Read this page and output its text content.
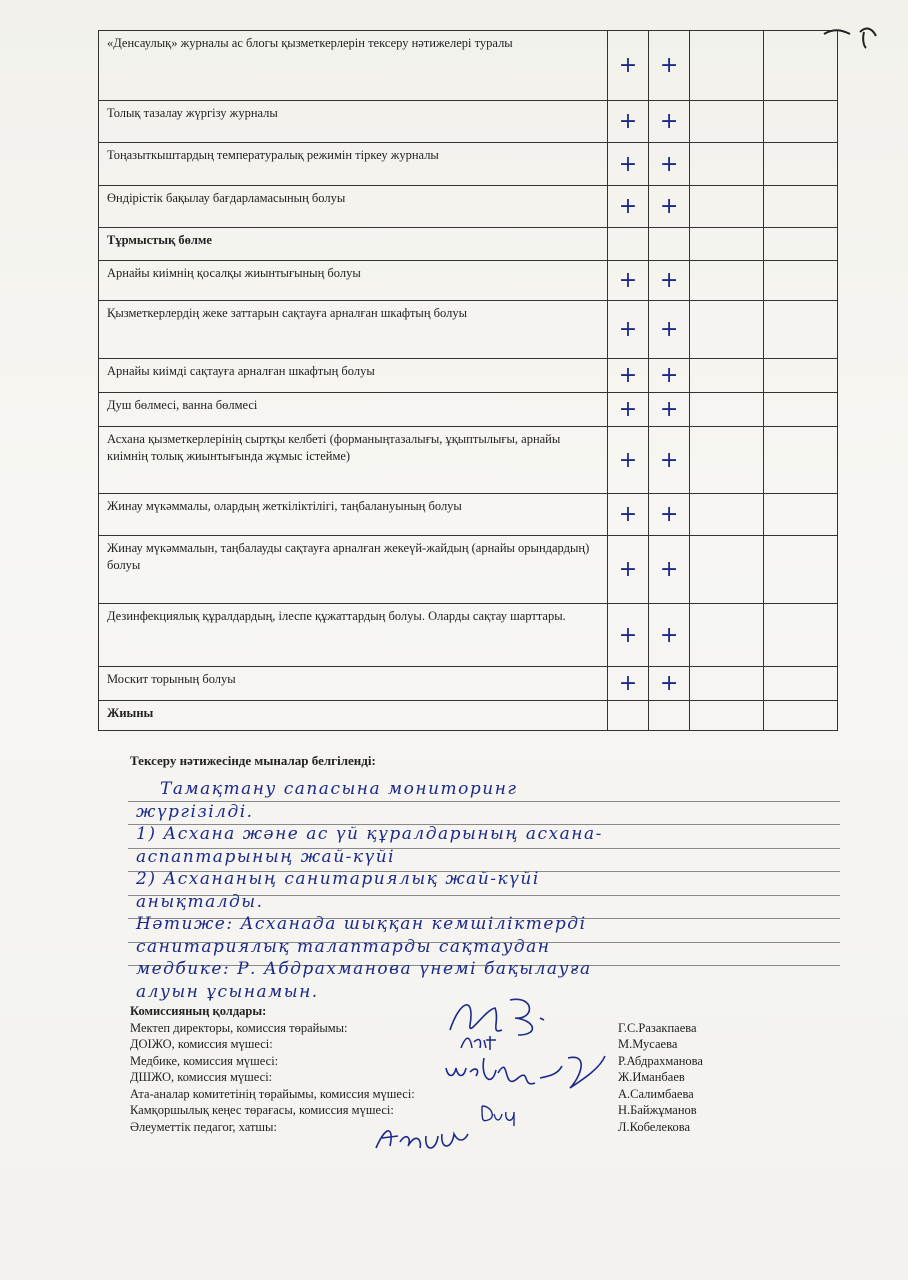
«Денсаулық» журналы ас блогы қызметкерлерін тексеру нәтижелері туралы	+	+		
Толық тазалау жүргізу журналы	+	+		
Тоңазыткыштардың температуралық режимін тіркеу журналы	+	+		
Өндірістік бақылау бағдарламасының болуы	+	+		
Тұрмыстық бөлме				
Арнайы киімнің қосалқы жиынтығының болуы	+	+		
Қызметкерлердің жеке заттарын сақтауға арналған шкафтың болуы	+	+		
Арнайы киімді сақтауға арналған шкафтың болуы	+	+		
Душ бөлмесі, ванна бөлмесі	+	+		
Асхана қызметкерлерінің сыртқы келбеті (форманыңтазалығы, ұқыптылығы, арнайы киімнің толық жиынтығында жұмыс істейме)	+	+		
Жинау мүкәммалы, олардың жеткіліктілігі, таңбалануының болуы	+	+		
Жинау мүкәммалын, таңбалауды сақтауға арналған жекеүй-жайдың (арнайы орындардың) болуы	+	+		
Дезинфекциялық құралдардың, ілеспе құжаттардың болуы. Оларды сақтау шарттары.	+	+		
Москит торының болуы	+	+		
Жиыны				
Тексеру нәтижесінде мыналар белгіленді:
Тамақтану сапасына мониторинг
жүргізілді.
1) Асхана және ас үй құралдарының асхана-
аспаптарының жай-күйі
2) Асхананың санитариялық жай-күйі
анықталды.
Нәтиже: Асханада шыққан кемшіліктерді
санитариялық талаптарды сақтаудан
медбике: Р. Абдрахманова үнемі бақылауға
алуын ұсынамын.
Комиссияның қолдары:
Мектеп директоры, комиссия төрайымы:	Г.С.Разакпаева
ДОІЖО, комиссия мүшесі:	М.Мусаева
Медбике, комиссия мүшесі:	Р.Абдрахманова
ДШЖО, комиссия мүшесі:	Ж.Иманбаев
Ата-аналар комитетінің төрайымы, комиссия мүшесі:	А.Салимбаева
Камқоршылық кеңес төрағасы, комиссия мүшесі:	Н.Байжұманов
Әлеуметтік педагог, хатшы:	Л.Кобелекова
